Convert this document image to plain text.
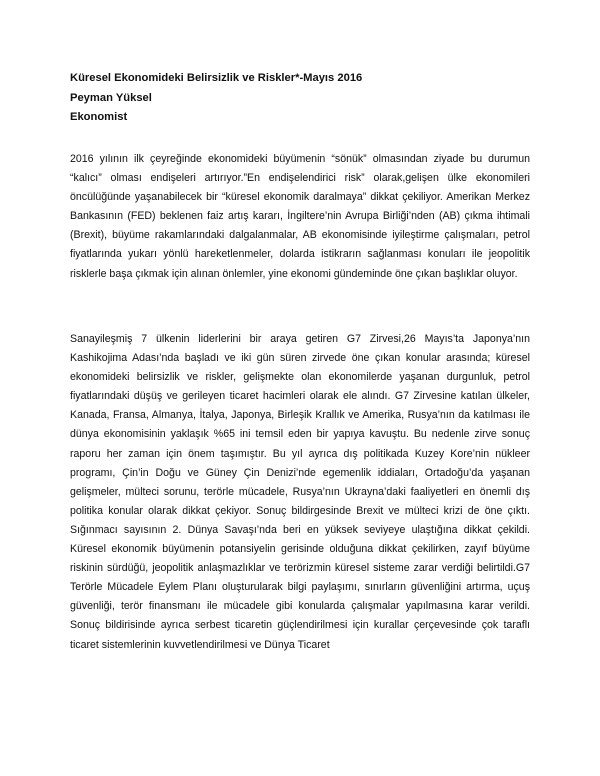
Küresel Ekonomideki Belirsizlik ve Riskler*-Mayıs 2016
Peyman Yüksel
Ekonomist

2016 yılının ilk çeyreğinde ekonomideki büyümenin “sönük” olmasından ziyade bu durumun “kalıcı” olması endişeleri artırıyor.”En endişelendirici risk” olarak,gelişen ülke ekonomileri öncülüğünde yaşanabilecek bir “küresel ekonomik daralmaya” dikkat çekiliyor. Amerikan Merkez Bankasının (FED) beklenen faiz artış kararı, İngiltere’nin Avrupa Birliği’nden (AB) çıkma ihtimali (Brexit), büyüme rakamlarındaki dalgalanmalar, AB ekonomisinde iyileştirme çalışmaları, petrol fiyatlarında yukarı yönlü hareketlenmeler, dolarda istikrarın sağlanması konuları ile jeopolitik risklerle başa çıkmak için alınan önlemler, yine ekonomi gündeminde öne çıkan başlıklar oluyor.

Sanayileşmiş 7 ülkenin liderlerini bir araya getiren G7 Zirvesi,26 Mayıs’ta Japonya’nın Kashikojima Adası’nda başladı ve iki gün süren zirvede öne çıkan konular arasında; küresel ekonomideki belirsizlik ve riskler, gelişmekte olan ekonomilerde yaşanan durgunluk, petrol fiyatlarındaki düşüş ve gerileyen ticaret hacimleri olarak ele alındı. G7 Zirvesine katılan ülkeler, Kanada, Fransa, Almanya, İtalya, Japonya, Birleşik Krallık ve Amerika, Rusya’nın da katılması ile dünya ekonomisinin yaklaşık %65 ini temsil eden bir yapıya kavuştu. Bu nedenle zirve sonuç raporu her zaman için önem taşımıştır. Bu yıl ayrıca dış politikada Kuzey Kore’nin nükleer programı, Çin’in Doğu ve Güney Çin Denizi’nde egemenlik iddiaları, Ortadoğu’da yaşanan gelişmeler, mülteci sorunu, terörle mücadele, Rusya’nın Ukrayna’daki faaliyetleri en önemli dış politika konular olarak dikkat çekiyor. Sonuç bildirgesinde Brexit ve mülteci krizi de öne çıktı. Sığınmacı sayısının 2. Dünya Savaşı’nda beri en yüksek seviyeye ulaştığına dikkat çekildi. Küresel ekonomik büyümenin potansiyelin gerisinde olduğuna dikkat çekilirken, zayıf büyüme riskinin sürdüğü, jeopolitik anlaşmazlıklar ve terörizmin küresel sisteme zarar verdiği belirtildi.G7 Terörle Mücadele Eylem Planı oluşturularak bilgi paylaşımı, sınırların güvenliğini artırma, uçuş güvenliği, terör finansmanı ile mücadele gibi konularda çalışmalar yapılmasına karar verildi. Sonuç bildirisinde ayrıca serbest ticaretin güçlendirilmesi için kurallar çerçevesinde çok taraflı ticaret sistemlerinin kuvvetlendirilmesi ve Dünya Ticaret
